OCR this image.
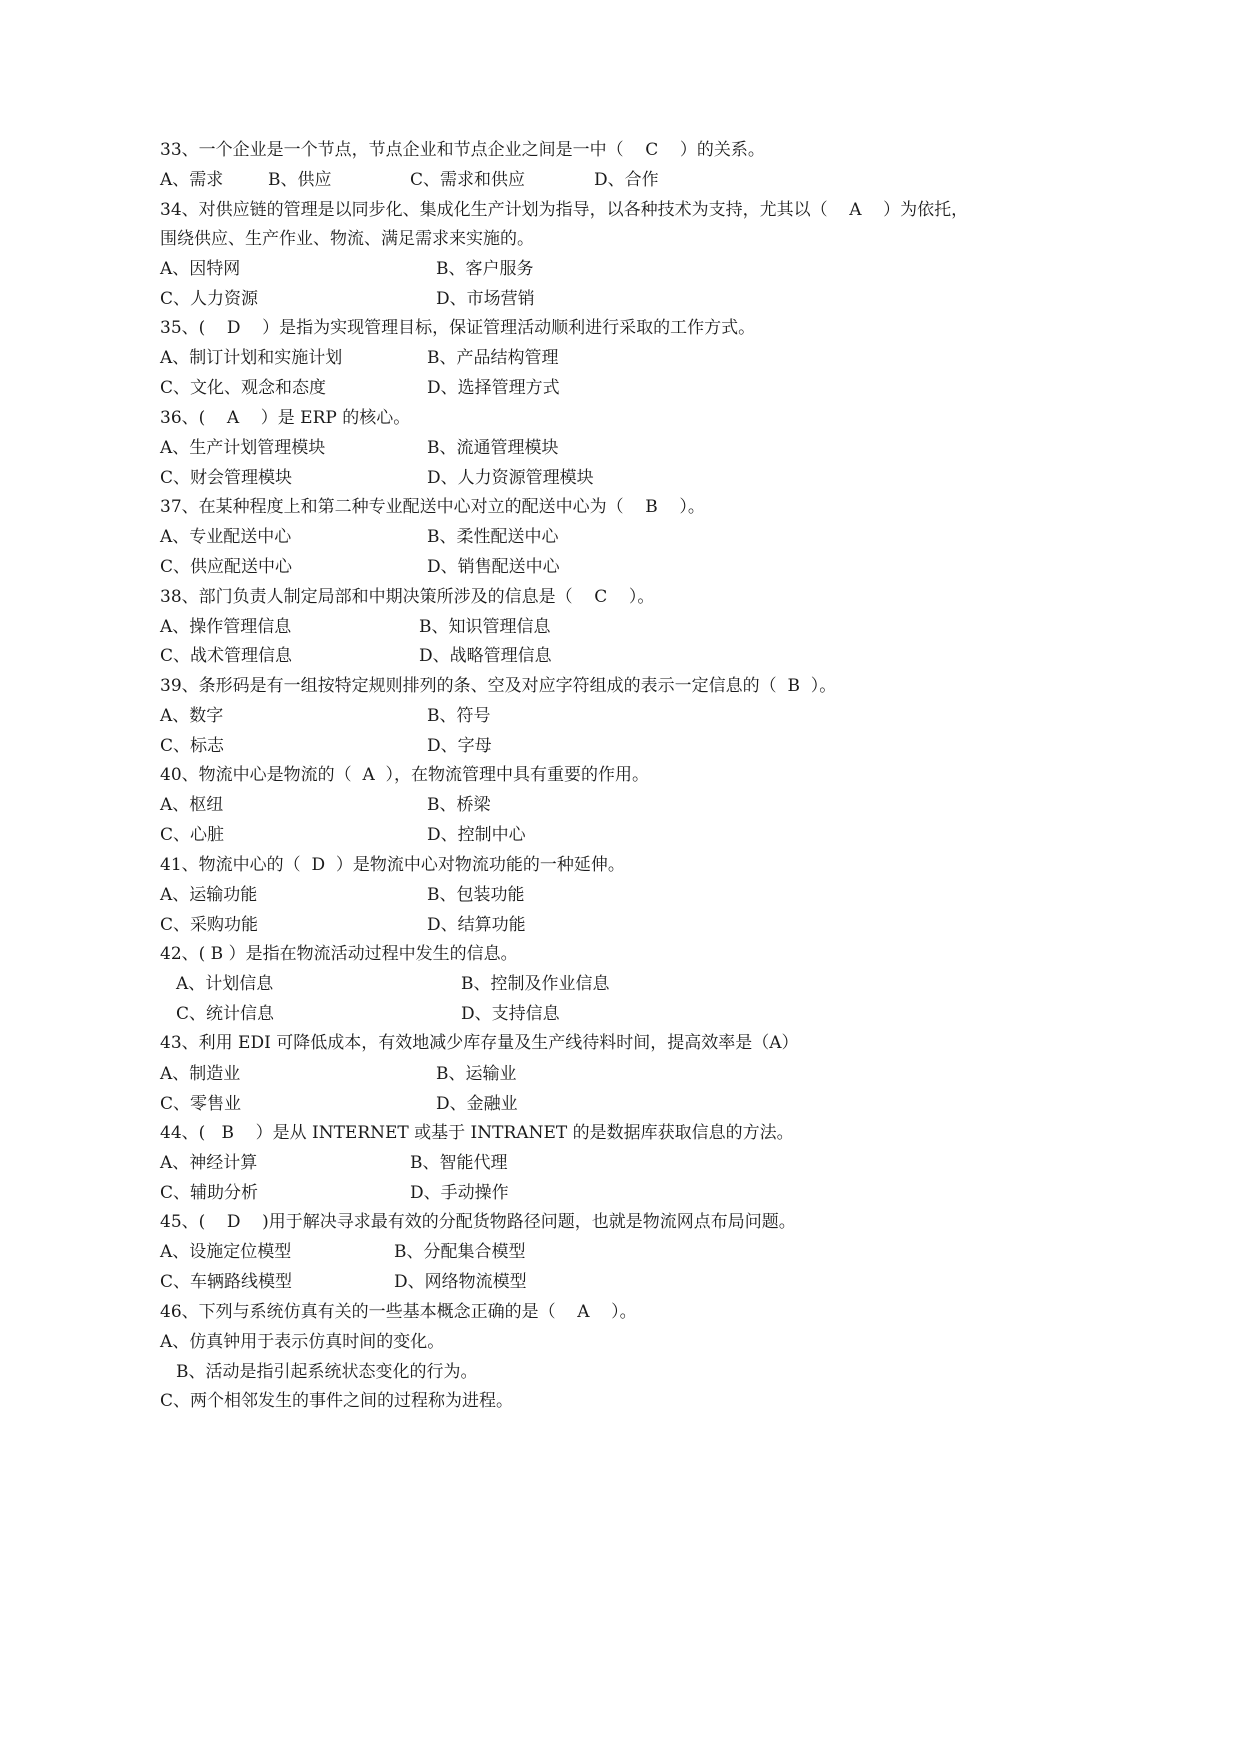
33、一个企业是一个节点，节点企业和节点企业之间是一中（    C    ）的关系。
A、需求	B、供应	C、需求和供应	D、合作
34、对供应链的管理是以同步化、集成化生产计划为指导，以各种技术为支持，尤其以（    A    ）为依托，
围绕供应、生产作业、物流、满足需求来实施的。
A、因特网	B、客户服务
C、人力资源	D、市场营销
35、(    D    ）是指为实现管理目标，保证管理活动顺利进行采取的工作方式。
A、制订计划和实施计划	B、产品结构管理
C、文化、观念和态度	D、选择管理方式
36、(    A    ）是 ERP 的核心。
A、生产计划管理模块	B、流通管理模块
C、财会管理模块	D、人力资源管理模块
37、在某种程度上和第二种专业配送中心对立的配送中心为（    B    ）。
A、专业配送中心	B、柔性配送中心
C、供应配送中心	D、销售配送中心
38、部门负责人制定局部和中期决策所涉及的信息是（    C    ）。
A、操作管理信息	B、知识管理信息
C、战术管理信息	D、战略管理信息
39、条形码是有一组按特定规则排列的条、空及对应字符组成的表示一定信息的（  B  ）。
A、数字	B、符号
C、标志	D、字母
40、物流中心是物流的（  A  ），在物流管理中具有重要的作用。
A、枢纽	B、桥梁
C、心脏	D、控制中心
41、物流中心的（  D  ）是物流中心对物流功能的一种延伸。
A、运输功能	B、包装功能
C、采购功能	D、结算功能
42、( B ）是指在物流活动过程中发生的信息。
A、计划信息	B、控制及作业信息
C、统计信息	D、支持信息
43、利用 EDI 可降低成本，有效地减少库存量及生产线待料时间，提高效率是（A）
A、制造业	B、运输业
C、零售业	D、金融业
44、(   B    ）是从 INTERNET 或基于 INTRANET 的是数据库获取信息的方法。
A、神经计算	B、智能代理
C、辅助分析	D、手动操作
45、(    D    )用于解决寻求最有效的分配货物路径问题，也就是物流网点布局问题。
A、设施定位模型	B、分配集合模型
C、车辆路线模型	D、网络物流模型
46、下列与系统仿真有关的一些基本概念正确的是（    A    ）。
A、仿真钟用于表示仿真时间的变化。
B、活动是指引起系统状态变化的行为。
C、两个相邻发生的事件之间的过程称为进程。
